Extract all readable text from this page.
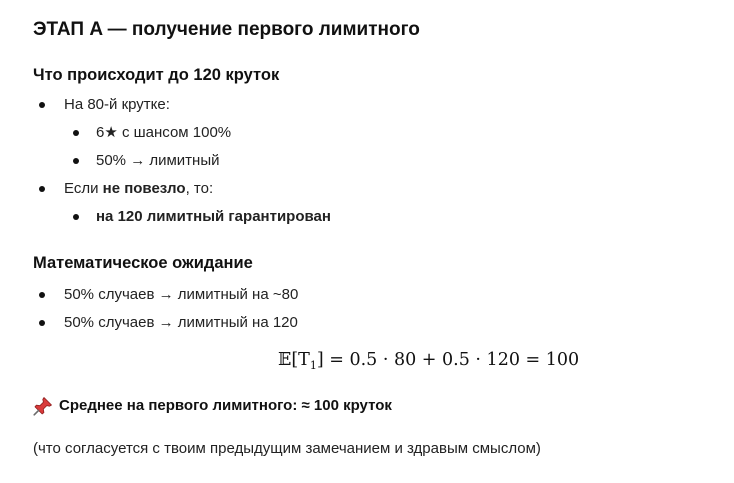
ЭТАП A — получение первого лимитного
Что происходит до 120 круток
На 80-й крутке:
6★ с шансом 100%
50% → лимитный
Если не повезло, то:
на 120 лимитный гарантирован
Математическое ожидание
50% случаев → лимитный на ~80
50% случаев → лимитный на 120
$𝔼[T_1] = 0.5 \cdot 80 + 0.5 \cdot 120 = 100$
Среднее на первого лимитного: ≈ 100 круток
(что согласуется с твоим предыдущим замечанием и здравым смыслом)
